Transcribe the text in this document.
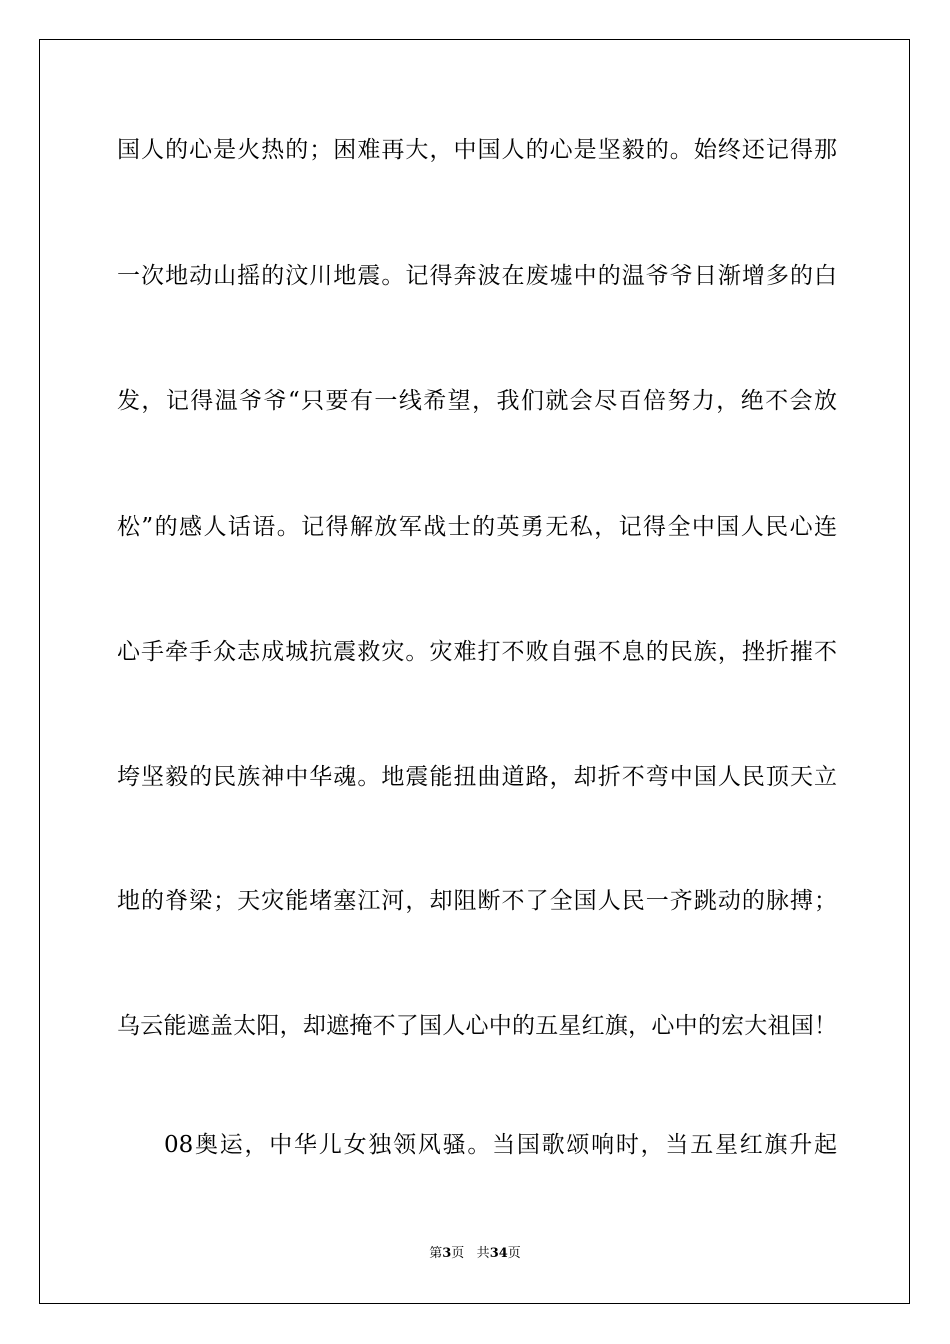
国人的心是火热的；困难再大，中国人的心是坚毅的。始终还记得那
一次地动山摇的汶川地震。记得奔波在废墟中的温爷爷日渐增多的白
发，记得温爷爷“只要有一线希望，我们就会尽百倍努力，绝不会放
松”的感人话语。记得解放军战士的英勇无私，记得全中国人民心连
心手牵手众志成城抗震救灾。灾难打不败自强不息的民族，挫折摧不
垮坚毅的民族神中华魂。地震能扭曲道路，却折不弯中国人民顶天立
地的脊梁；天灾能堵塞江河，却阻断不了全国人民一齐跳动的脉搏；
乌云能遮盖太阳，却遮掩不了国人心中的五星红旗，心中的宏大祖国！
08奥运，中华儿女独领风骚。当国歌颂响时，当五星红旗升起
第3页 共34页
